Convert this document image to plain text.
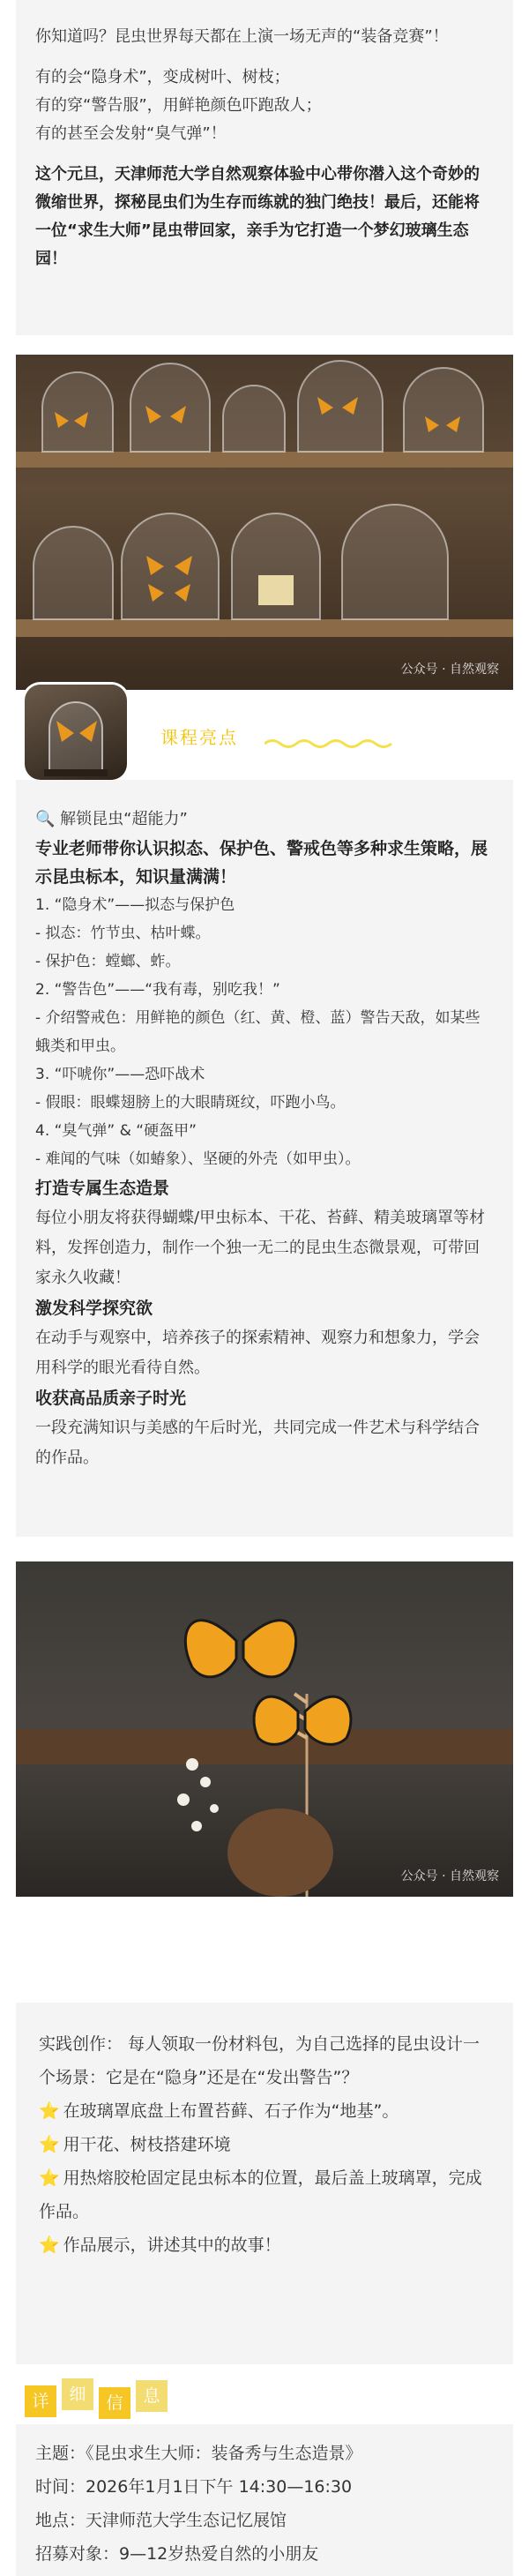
你知道吗？昆虫世界每天都在上演一场无声的“装备竞赛”！

有的会“隐身术”，变成树叶、树枝；

有的穿“警告服”，用鲜艳颜色吓跑敌人；

有的甚至会发射“臭气弹”！

这个元旦，天津师范大学自然观察体验中心带你潜入这个奇妙的微缩世界，探秘昆虫们为生存而练就的独门绝技！最后，还能将一位“求生大师”昆虫带回家，亲手为它打造一个梦幻玻璃生态园！

公众号 · 自然观察
课程亮点

🔍 解锁昆虫“超能力”

专业老师带你认识拟态、保护色、警戒色等多种求生策略，展示昆虫标本，知识量满满！

1. “隐身术”——拟态与保护色

- 拟态：竹节虫、枯叶蝶。

- 保护色：螳螂、蚱。

2. “警告色”——“我有毒，别吃我！”

- 介绍警戒色：用鲜艳的颜色（红、黄、橙、蓝）警告天敌，如某些蛾类和甲虫。

3. “吓唬你”——恐吓战术

- 假眼：眼蝶翅膀上的大眼睛斑纹，吓跑小鸟。

4. “臭气弹” & “硬盔甲”

- 难闻的气味（如蝽象）、坚硬的外壳（如甲虫）。

打造专属生态造景

每位小朋友将获得蝴蝶/甲虫标本、干花、苔藓、精美玻璃罩等材料，发挥创造力，制作一个独一无二的昆虫生态微景观，可带回家永久收藏！

激发科学探究欲

在动手与观察中，培养孩子的探索精神、观察力和想象力，学会用科学的眼光看待自然。

收获高品质亲子时光

一段充满知识与美感的午后时光，共同完成一件艺术与科学结合的作品。

公众号 · 自然观察

实践创作： 每人领取一份材料包，为自己选择的昆虫设计一个场景：它是在“隐身”还是在“发出警告”？

⭐ 在玻璃罩底盘上布置苔藓、石子作为“地基”。

⭐ 用干花、树枝搭建环境

⭐ 用热熔胶枪固定昆虫标本的位置，最后盖上玻璃罩，完成作品。

⭐ 作品展示，讲述其中的故事！

详	细	信	息

主题：《昆虫求生大师：装备秀与生态造景》

时间：2026年1月1日下午 14:30—16:30

地点：天津师范大学生态记忆展馆

招募对象：9—12岁热爱自然的小朋友
